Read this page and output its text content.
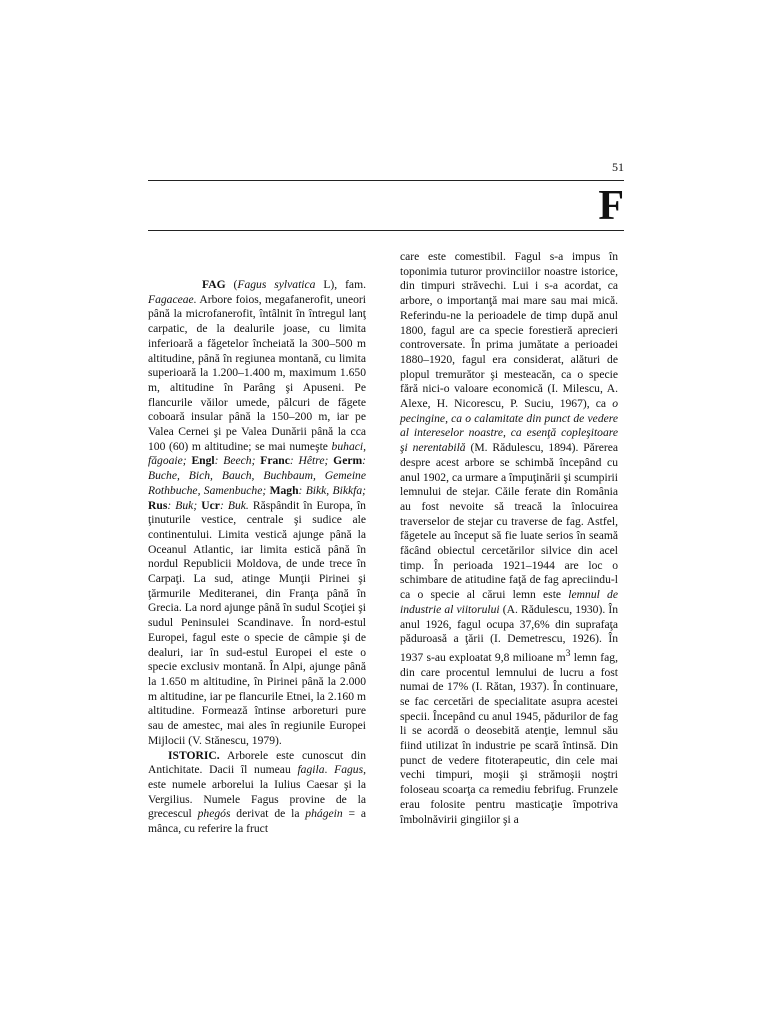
51
F

FAG (Fagus sylvatica L), fam. Fagaceae. Arbore foios, megafanerofit, uneori până la microfanerofit, întâlnit în întregul lanţ carpatic, de la dealurile joase, cu limita inferioară a făgetelor încheiată la 300–500 m altitudine, până în regiunea montană, cu limita superioară la 1.200–1.400 m, maximum 1.650 m, altitudine în Parâng şi Apuseni. Pe flancurile văilor umede, pâlcuri de făgete coboară insular până la 150–200 m, iar pe Valea Cernei şi pe Valea Dunării până la cca 100 (60) m altitudine; se mai numeşte buhaci, făgoaie; Engl: Beech; Franc: Hêtre; Germ: Buche, Bich, Bauch, Buchbaum, Gemeine Rothbuche, Samenbuche; Magh: Bikk, Bikkfa; Rus: Buk; Ucr: Buk. Răspândit în Europa, în ţinuturile vestice, centrale şi sudice ale continentului. Limita vestică ajunge până la Oceanul Atlantic, iar limita estică până în nordul Republicii Moldova, de unde trece în Carpaţi. La sud, atinge Munţii Pirinei şi ţărmurile Mediteranei, din Franţa până în Grecia. La nord ajunge până în sudul Scoţiei şi sudul Peninsulei Scandinave. În nord-estul Europei, fagul este o specie de câmpie şi de dealuri, iar în sud-estul Europei el este o specie exclusiv montană. În Alpi, ajunge până la 1.650 m altitudine, în Pirinei până la 2.000 m altitudine, iar pe flancurile Etnei, la 2.160 m altitudine. Formează întinse arboreturi pure sau de amestec, mai ales în regiunile Europei Mijlocii (V. Stănescu, 1979).

ISTORIC. Arborele este cunoscut din Antichitate. Dacii îl numeau fagila. Fagus, este numele arborelui la Iulius Caesar şi la Vergilius. Numele Fagus provine de la grecescul phegós derivat de la phágein = a mânca, cu referire la fruct

care este comestibil. Fagul s-a impus în toponimia tuturor provinciilor noastre istorice, din timpuri străvechi. Lui i s-a acordat, ca arbore, o importanţă mai mare sau mai mică. Referindu-ne la perioadele de timp după anul 1800, fagul are ca specie forestieră aprecieri controversate. În prima jumătate a perioadei 1880–1920, fagul era considerat, alături de plopul tremurător şi mesteacăn, ca o specie fără nici-o valoare economică (I. Milescu, A. Alexe, H. Nicorescu, P. Suciu, 1967), ca o pecingine, ca o calamitate din punct de vedere al intereselor noastre, ca esenţă copleşitoare şi nerentabilă (M. Rădulescu, 1894). Părerea despre acest arbore se schimbă începând cu anul 1902, ca urmare a împuţinării şi scumpirii lemnului de stejar. Căile ferate din România au fost nevoite să treacă la înlocuirea traverselor de stejar cu traverse de fag. Astfel, făgetele au început să fie luate serios în seamă făcând obiectul cercetărilor silvice din acel timp. În perioada 1921–1944 are loc o schimbare de atitudine faţă de fag apreciindu-l ca o specie al cărui lemn este lemnul de industrie al viitorului (A. Rădulescu, 1930). În anul 1926, fagul ocupa 37,6% din suprafaţa păduroasă a ţării (I. Demetrescu, 1926). În 1937 s-au exploatat 9,8 milioane $m^3$ lemn fag, din care procentul lemnului de lucru a fost numai de 17% (I. Rătan, 1937). În continuare, se fac cercetări de specialitate asupra acestei specii. Începând cu anul 1945, pădurilor de fag li se acordă o deosebită atenţie, lemnul său fiind utilizat în industrie pe scară întinsă. Din punct de vedere fitoterapeutic, din cele mai vechi timpuri, moşii şi strămoşii noştri foloseau scoarţa ca remediu febrifug. Frunzele erau folosite pentru masticaţie împotriva îmbolnăvirii gingiilor şi a
